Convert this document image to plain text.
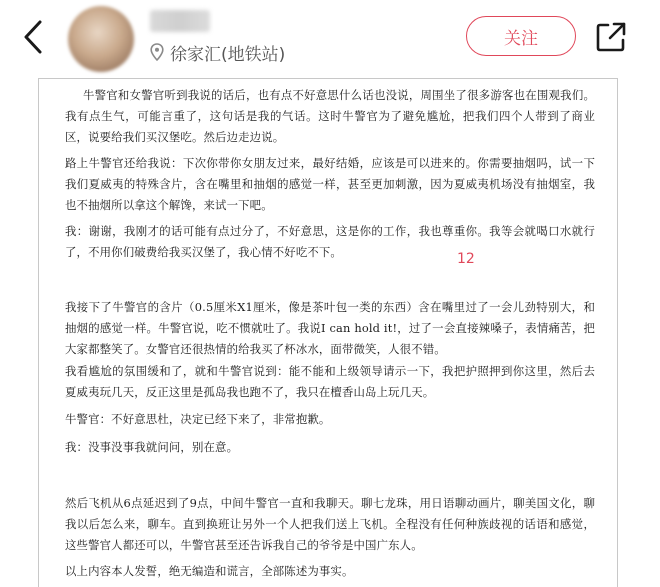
徐家汇(地铁站)
关注
牛警官和女警官听到我说的话后，也有点不好意思什么话也没说，周围坐了很多游客也在围观我们。我有点生气，可能言重了，这句话是我的气话。这时牛警官为了避免尴尬，把我们四个人带到了商业区，说要给我们买汉堡吃。然后边走边说。
路上牛警官还给我说：下次你带你女朋友过来，最好结婚，应该是可以进来的。你需要抽烟吗，试一下我们夏威夷的特殊含片，含在嘴里和抽烟的感觉一样，甚至更加刺激，因为夏威夷机场没有抽烟室，我也不抽烟所以拿这个解馋，来试一下吧。
我：谢谢，我刚才的话可能有点过分了，不好意思，这是你的工作，我也尊重你。我等会就喝口水就行了，不用你们破费给我买汉堡了，我心情不好吃不下。	12
我接下了牛警官的含片（0.5厘米X1厘米，像是茶叶包一类的东西）含在嘴里过了一会儿劲特别大，和抽烟的感觉一样。牛警官说，吃不惯就吐了。我说I can hold it!，过了一会直接辣嗓子，表情痛苦，把大家都整笑了。女警官还很热情的给我买了杯冰水，面带微笑，人很不错。
我看尴尬的氛围缓和了，就和牛警官说到：能不能和上级领导请示一下，我把护照押到你这里，然后去夏威夷玩几天，反正这里是孤岛我也跑不了，我只在檀香山岛上玩几天。
牛警官：不好意思杜，决定已经下来了，非常抱歉。
我：没事没事我就问问，别在意。
然后飞机从6点延迟到了9点，中间牛警官一直和我聊天。聊七龙珠，用日语聊动画片，聊美国文化，聊我以后怎么来，聊车。直到换班让另外一个人把我们送上飞机。全程没有任何种族歧视的话语和感觉，这些警官人都还可以，牛警官甚至还告诉我自己的爷爷是中国广东人。
以上内容本人发誓，绝无编造和谎言，全部陈述为事实。
